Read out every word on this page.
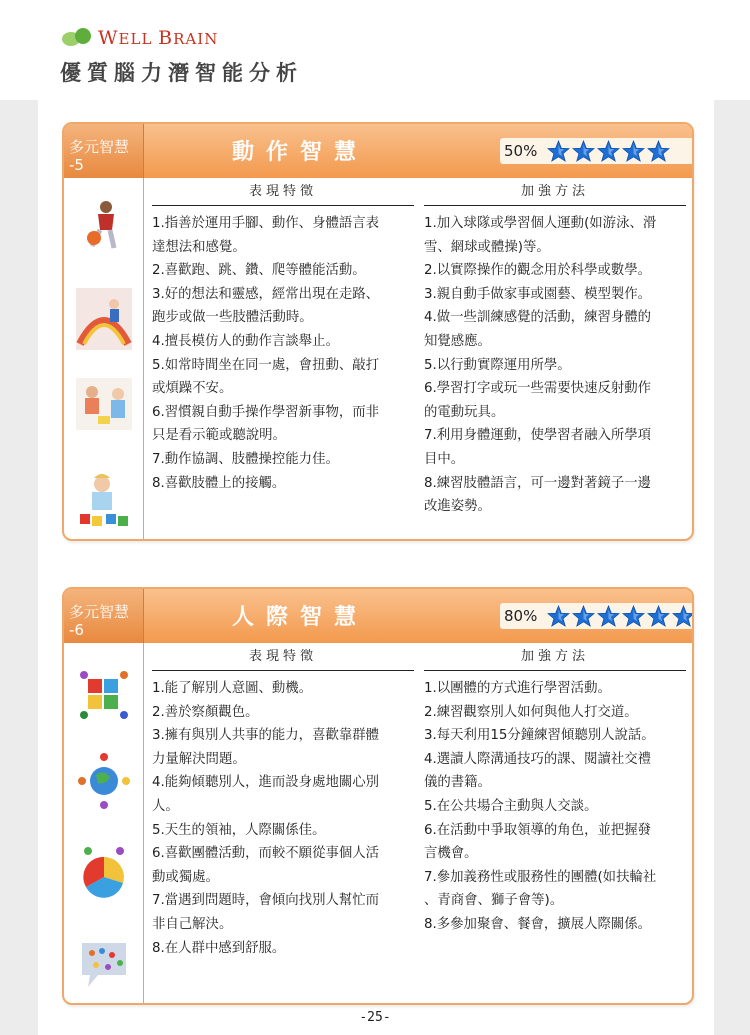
WELL BRAIN
優質腦力潛智能分析
多元智慧
-5	動作智慧	50%
表現特徵
1.指善於運用手腳、動作、身體語言表
達想法和感覺。
2.喜歡跑、跳、鑽、爬等體能活動。
3.好的想法和靈感，經常出現在走路、
跑步或做一些肢體活動時。
4.擅長模仿人的動作言談舉止。
5.如常時間坐在同一處，會扭動、敲打
或煩躁不安。
6.習慣親自動手操作學習新事物，而非
只是看示範或聽說明。
7.動作協調、肢體操控能力佳。
8.喜歡肢體上的接觸。
加強方法
1.加入球隊或學習個人運動(如游泳、滑
雪、網球或體操)等。
2.以實際操作的觀念用於科學或數學。
3.親自動手做家事或園藝、模型製作。
4.做一些訓練感覺的活動，練習身體的
知覺感應。
5.以行動實際運用所學。
6.學習打字或玩一些需要快速反射動作
的電動玩具。
7.利用身體運動，使學習者融入所學項
目中。
8.練習肢體語言，可一邊對著鏡子一邊
改進姿勢。
多元智慧
-6	人際智慧	80%
表現特徵
1.能了解別人意圖、動機。
2.善於察顏觀色。
3.擁有與別人共事的能力，喜歡靠群體
力量解決問題。
4.能夠傾聽別人，進而設身處地關心別
人。
5.天生的領袖，人際關係佳。
6.喜歡團體活動，而較不願從事個人活
動或獨處。
7.當遇到問題時，會傾向找別人幫忙而
非自己解決。
8.在人群中感到舒服。
加強方法
1.以團體的方式進行學習活動。
2.練習觀察別人如何與他人打交道。
3.每天利用15分鐘練習傾聽別人說話。
4.選讀人際溝通技巧的課、閱讀社交禮
儀的書籍。
5.在公共場合主動與人交談。
6.在活動中爭取領導的角色，並把握發
言機會。
7.參加義務性或服務性的團體(如扶輪社
、青商會、獅子會等)。
8.多參加聚會、餐會，擴展人際關係。
-25-
